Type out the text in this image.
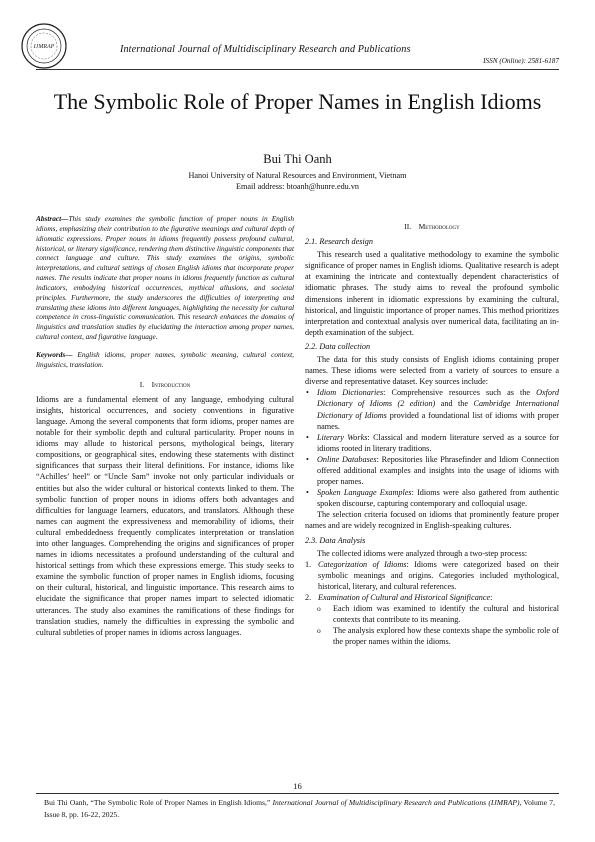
IJMRAP	International Journal of Multidisciplinary Research and Publications
ISSN (Online): 2581-6187
The Symbolic Role of Proper Names in English Idioms
Bui Thi Oanh
Hanoi University of Natural Resources and Environment, Vietnam
Email address: btoanh@hunre.edu.vn

Abstract—This study examines the symbolic function of proper nouns in English idioms, emphasizing their contribution to the figurative meanings and cultural depth of idiomatic expressions. Proper nouns in idioms frequently possess profound cultural, historical, or literary significance, rendering them distinctive linguistic components that connect language and culture. This study examines the origins, symbolic interpretations, and cultural settings of chosen English idioms that incorporate proper names. The results indicate that proper nouns in idioms frequently function as cultural indicators, embodying historical occurrences, mythical allusions, and societal principles. Furthermore, the study underscores the difficulties of interpreting and translating these idioms into different languages, highlighting the necessity for cultural competence in cross-linguistic communication. This research enhances the domains of linguistics and translation studies by elucidating the interaction among proper names, cultural context, and figurative language.

Keywords— English idioms, proper names, symbolic meaning, cultural context, linguistics, translation.

I. Introduction

Idioms are a fundamental element of any language, embodying cultural insights, historical occurrences, and society conventions in figurative language. Among the several components that form idioms, proper names are notable for their symbolic depth and cultural particularity. Proper nouns in idioms may allude to historical persons, mythological beings, literary compositions, or geographical sites, endowing these statements with distinct significances that surpass their literal definitions. For instance, idioms like “Achilles’ heel” or “Uncle Sam” invoke not only particular individuals or entities but also the wider cultural or historical contexts linked to them. The symbolic function of proper nouns in idioms offers both advantages and difficulties for language learners, educators, and translators. Although these names can augment the expressiveness and memorability of idioms, their cultural embeddedness frequently complicates interpretation or translation into other languages. Comprehending the origins and significances of proper names in idioms necessitates a profound understanding of the cultural and historical settings from which these expressions emerge. This study seeks to examine the symbolic function of proper names in English idioms, focusing on their cultural, historical, and linguistic importance. This research aims to elucidate the significance that proper names impart to selected idiomatic utterances. The study also examines the ramifications of these findings for translation studies, namely the difficulties in expressing the symbolic and cultural subtleties of proper names in idioms across languages.

II. Methodology
2.1. Research design

This research used a qualitative methodology to examine the symbolic significance of proper names in English idioms. Qualitative research is adept at examining the intricate and contextually dependent characteristics of idiomatic phrases. The study aims to reveal the profound symbolic dimensions inherent in idiomatic expressions by examining the cultural, historical, and linguistic importance of proper names. This method prioritizes interpretation and contextual analysis over numerical data, facilitating an in-depth examination of the subject.

2.2. Data collection

The data for this study consists of English idioms containing proper names. These idioms were selected from a variety of sources to ensure a diverse and representative dataset. Key sources include:

• Idiom Dictionaries: Comprehensive resources such as the Oxford Dictionary of Idioms (2 edition) and the Cambridge International Dictionary of Idioms provided a foundational list of idioms with proper names.
• Literary Works: Classical and modern literature served as a source for idioms rooted in literary traditions.
• Online Databases: Repositories like Phrasefinder and Idiom Connection offered additional examples and insights into the usage of idioms with proper names.
• Spoken Language Examples: Idioms were also gathered from authentic spoken discourse, capturing contemporary and colloquial usage.

The selection criteria focused on idioms that prominently feature proper names and are widely recognized in English-speaking cultures.

2.3. Data Analysis

The collected idioms were analyzed through a two-step process:

1. Categorization of Idioms: Idioms were categorized based on their symbolic meanings and origins. Categories included mythological, historical, literary, and cultural references.
2. Examination of Cultural and Historical Significance:
o Each idiom was examined to identify the cultural and historical contexts that contribute to its meaning.
o The analysis explored how these contexts shape the symbolic role of the proper names within the idioms.
16
Bui Thi Oanh, “The Symbolic Role of Proper Names in English Idioms,” International Journal of Multidisciplinary Research and Publications (IJMRAP), Volume 7, Issue 8, pp. 16-22, 2025.
